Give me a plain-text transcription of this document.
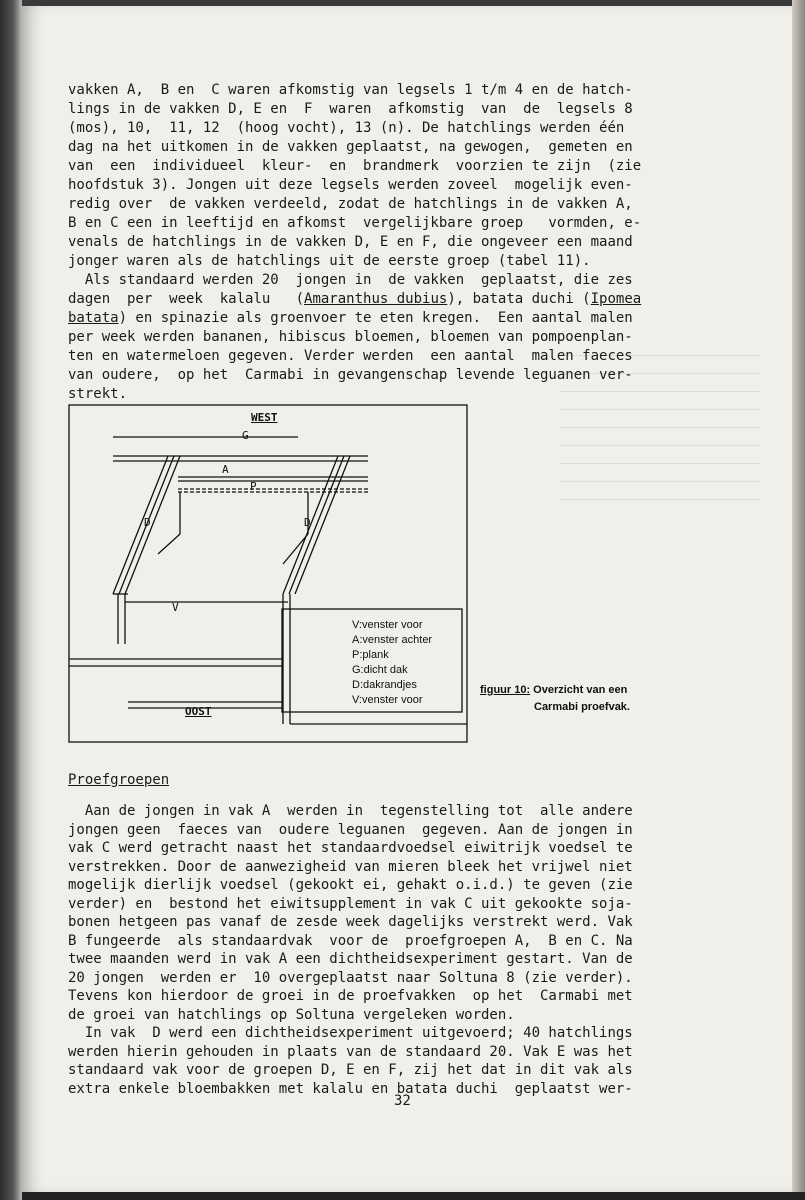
vakken A,  B en  C waren afkomstig van legsels 1 t/m 4 en de hatch-
lings in de vakken D, E en  F  waren  afkomstig  van  de  legsels 8
(mos), 10,  11, 12  (hoog vocht), 13 (n). De hatchlings werden één
dag na het uitkomen in de vakken geplaatst, na gewogen,  gemeten en
van  een  individueel  kleur-  en  brandmerk  voorzien te zijn  (zie
hoofdstuk 3). Jongen uit deze legsels werden zoveel  mogelijk even-
redig over  de vakken verdeeld, zodat de hatchlings in de vakken A,
B en C een in leeftijd en afkomst  vergelijkbare groep   vormden, e-
venals de hatchlings in de vakken D, E en F, die ongeveer een maand
jonger waren als de hatchlings uit de eerste groep (tabel 11).
Als standaard werden 20  jongen in  de vakken  geplaatst, die zes
dagen  per  week  kalalu   (Amaranthus dubius), batata duchi (Ipomea
batata) en spinazie als groenvoer te eten kregen.  Een aantal malen
per week werden bananen, hibiscus bloemen, bloemen van pompoenplan-
ten en watermeloen gegeven. Verder werden  een aantal  malen faeces
van oudere,  op het  Carmabi in gevangenschap levende leguanen ver-
strekt.
WEST
G
A
P
D	D
V
OOST
V:venster voor
A:venster achter
P:plank
G:dicht dak
D:dakrandjes
V:venster voor
figuur 10: Overzicht van een
Carmabi proefvak.
Proefgroepen
Aan de jongen in vak A  werden in  tegenstelling tot  alle andere
jongen geen  faeces van  oudere leguanen  gegeven. Aan de jongen in
vak C werd getracht naast het standaardvoedsel eiwitrijk voedsel te
verstrekken. Door de aanwezigheid van mieren bleek het vrijwel niet
mogelijk dierlijk voedsel (gekookt ei, gehakt o.i.d.) te geven (zie
verder) en  bestond het eiwitsupplement in vak C uit gekookte soja-
bonen hetgeen pas vanaf de zesde week dagelijks verstrekt werd. Vak
B fungeerde  als standaardvak  voor de  proefgroepen A,  B en C. Na
twee maanden werd in vak A een dichtheidsexperiment gestart. Van de
20 jongen  werden er  10 overgeplaatst naar Soltuna 8 (zie verder).
Tevens kon hierdoor de groei in de proefvakken  op het  Carmabi met
de groei van hatchlings op Soltuna vergeleken worden.
In vak  D werd een dichtheidsexperiment uitgevoerd; 40 hatchlings
werden hierin gehouden in plaats van de standaard 20. Vak E was het
standaard vak voor de groepen D, E en F, zij het dat in dit vak als
extra enkele bloembakken met kalalu en batata duchi  geplaatst wer-
32
